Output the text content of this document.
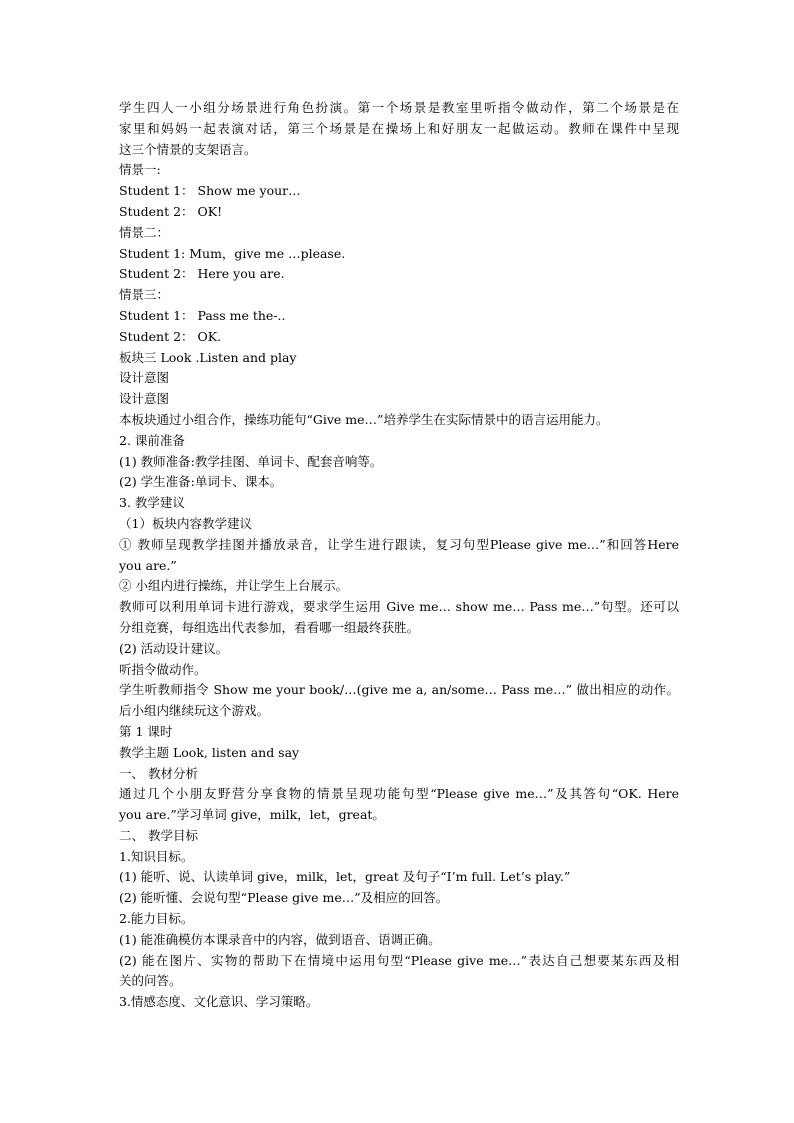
学生四人一小组分场景进行角色扮演。第一个场景是教室里听指令做动作，第二个场景是在
家里和妈妈一起表演对话，第三个场景是在操场上和好朋友一起做运动。教师在课件中呈现
这三个情景的支架语言。
情景一:
Student 1： Show me your…
Student 2： OK!
情景二：
Student 1: Mum，give me …please.
Student 2： Here you are.
情景三：
Student 1： Pass me the-..
Student 2： OK.
板块三 Look .Listen and play
设计意图
设计意图
本板块通过小组合作，操练功能句“Give me…”培养学生在实际情景中的语言运用能力。
2. 课前准备
(1) 教师准备:教学挂图、单词卡、配套音响等。
(2) 学生准备:单词卡、课本。
3. 教学建议
（1）板块内容教学建议
① 教师呈现教学挂图并播放录音，让学生进行跟读，复习句型Please give me…”和回答Here
you are.”
② 小组内进行操练，并让学生上台展示。
教师可以利用单词卡进行游戏，要求学生运用 Give me… show me… Pass me…”句型。还可以
分组竞赛，每组选出代表参加，看看哪一组最终获胜。
(2) 活动设计建议。
听指令做动作。
学生听教师指令 Show me your book/…(give me a, an/some… Pass me…” 做出相应的动作。
后小组内继续玩这个游戏。
第 1 课时
教学主题 Look, listen and say
一、 教材分析
通过几个小朋友野营分享食物的情景呈现功能句型“Please give me…”及其答句“OK. Here
you are.”学习单词 give，milk，let，great。
二、 教学目标
1.知识目标。
(1) 能听、说、认读单词 give，milk，let，great 及句子“I’m full. Let’s play.”
(2) 能听懂、会说句型“Please give me…”及相应的回答。
2.能力目标。
(1) 能准确模仿本课录音中的内容，做到语音、语调正确。
(2) 能在图片、实物的帮助下在情境中运用句型“Please give me…”表达自己想要某东西及相
关的问答。
3.情感态度、文化意识、学习策略。
